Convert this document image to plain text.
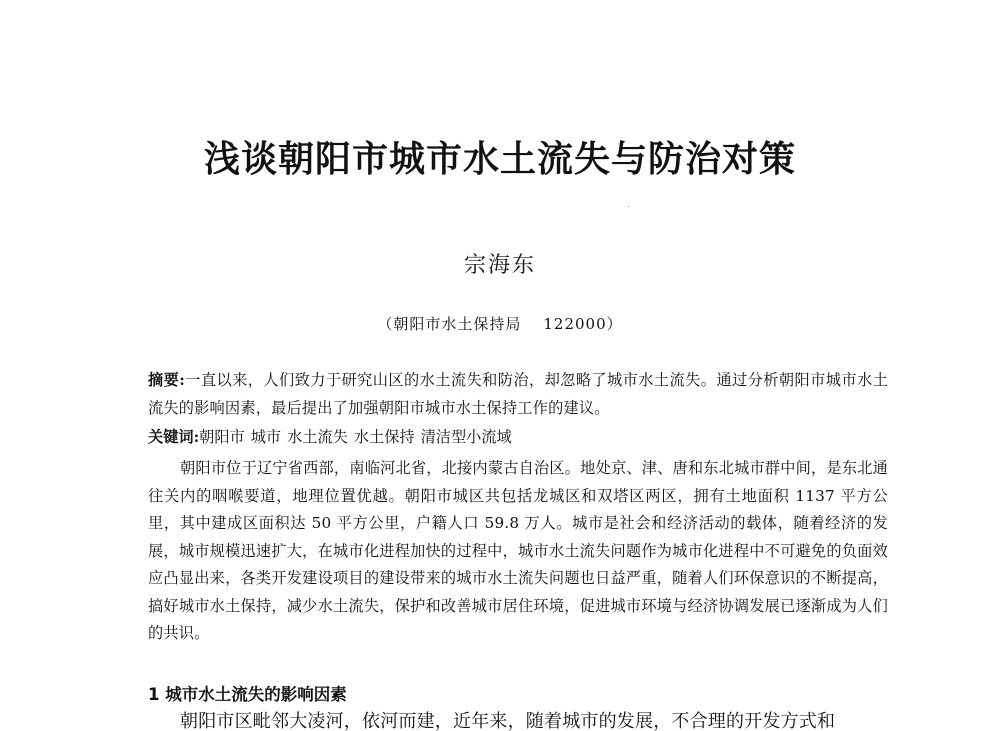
浅谈朝阳市城市水土流失与防治对策
宗海东
（朝阳市水土保持局 122000）
摘要:一直以来，人们致力于研究山区的水土流失和防治，却忽略了城市水土流失。通过分析朝阳市城市水土流失的影响因素，最后提出了加强朝阳市城市水土保持工作的建议。
关键词:朝阳市 城市 水土流失 水土保持 清洁型小流域

朝阳市位于辽宁省西部，南临河北省，北接内蒙古自治区。地处京、津、唐和东北城市群中间，是东北通往关内的咽喉要道，地理位置优越。朝阳市城区共包括龙城区和双塔区两区，拥有土地面积 1137 平方公里，其中建成区面积达 50 平方公里，户籍人口 59.8 万人。城市是社会和经济活动的载体，随着经济的发展，城市规模迅速扩大，在城市化进程加快的过程中，城市水土流失问题作为城市化进程中不可避免的负面效应凸显出来，各类开发建设项目的建设带来的城市水土流失问题也日益严重，随着人们环保意识的不断提高，搞好城市水土保持，减少水土流失，保护和改善城市居住环境，促进城市环境与经济协调发展已逐渐成为人们的共识。

1 城市水土流失的影响因素

朝阳市区毗邻大凌河，依河而建，近年来，随着城市的发展，不合理的开发方式和
